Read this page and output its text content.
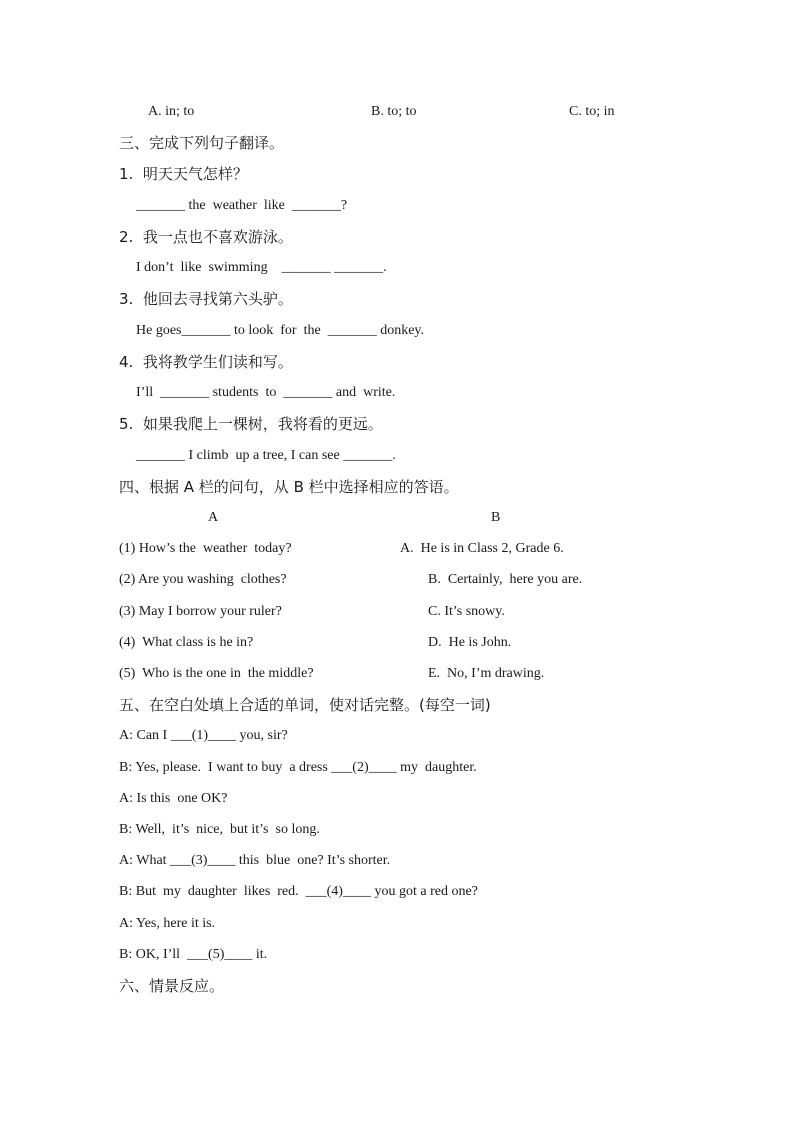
A. in; to	B. to; to	C. to; in
三、完成下列句子翻译。
1.  明天天气怎样？
_______ the  weather  like  _______?
2.  我一点也不喜欢游泳。
I don’t  like  swimming    _______ _______.
3.  他回去寻找第六头驴。
He goes_______ to look  for  the  _______ donkey.
4.  我将教学生们读和写。
I’ll  _______ students  to  _______ and  write.
5.  如果我爬上一棵树，我将看的更远。
_______ I climb  up a tree, I can see _______.
四、根据 A 栏的问句，从 B 栏中选择相应的答语。
A	B
(1) How’s the  weather  today?	A.  He is in Class 2, Grade 6.
(2) Are you washing  clothes?	B.  Certainly,  here you are.
(3) May I borrow your ruler?	C. It’s snowy.
(4)  What class is he in?	D.  He is John.
(5)  Who is the one in  the middle?	E.  No, I’m drawing.
五、在空白处填上合适的单词，使对话完整。(每空一词)
A: Can I ___(1)____ you, sir?
B: Yes, please.  I want to buy  a dress ___(2)____ my  daughter.
A: Is this  one OK?
B: Well,  it’s  nice,  but it’s  so long.
A: What ___(3)____ this  blue  one? It’s shorter.
B: But  my  daughter  likes  red.  ___(4)____ you got a red one?
A: Yes, here it is.
B: OK, I’ll  ___(5)____ it.
六、情景反应。
